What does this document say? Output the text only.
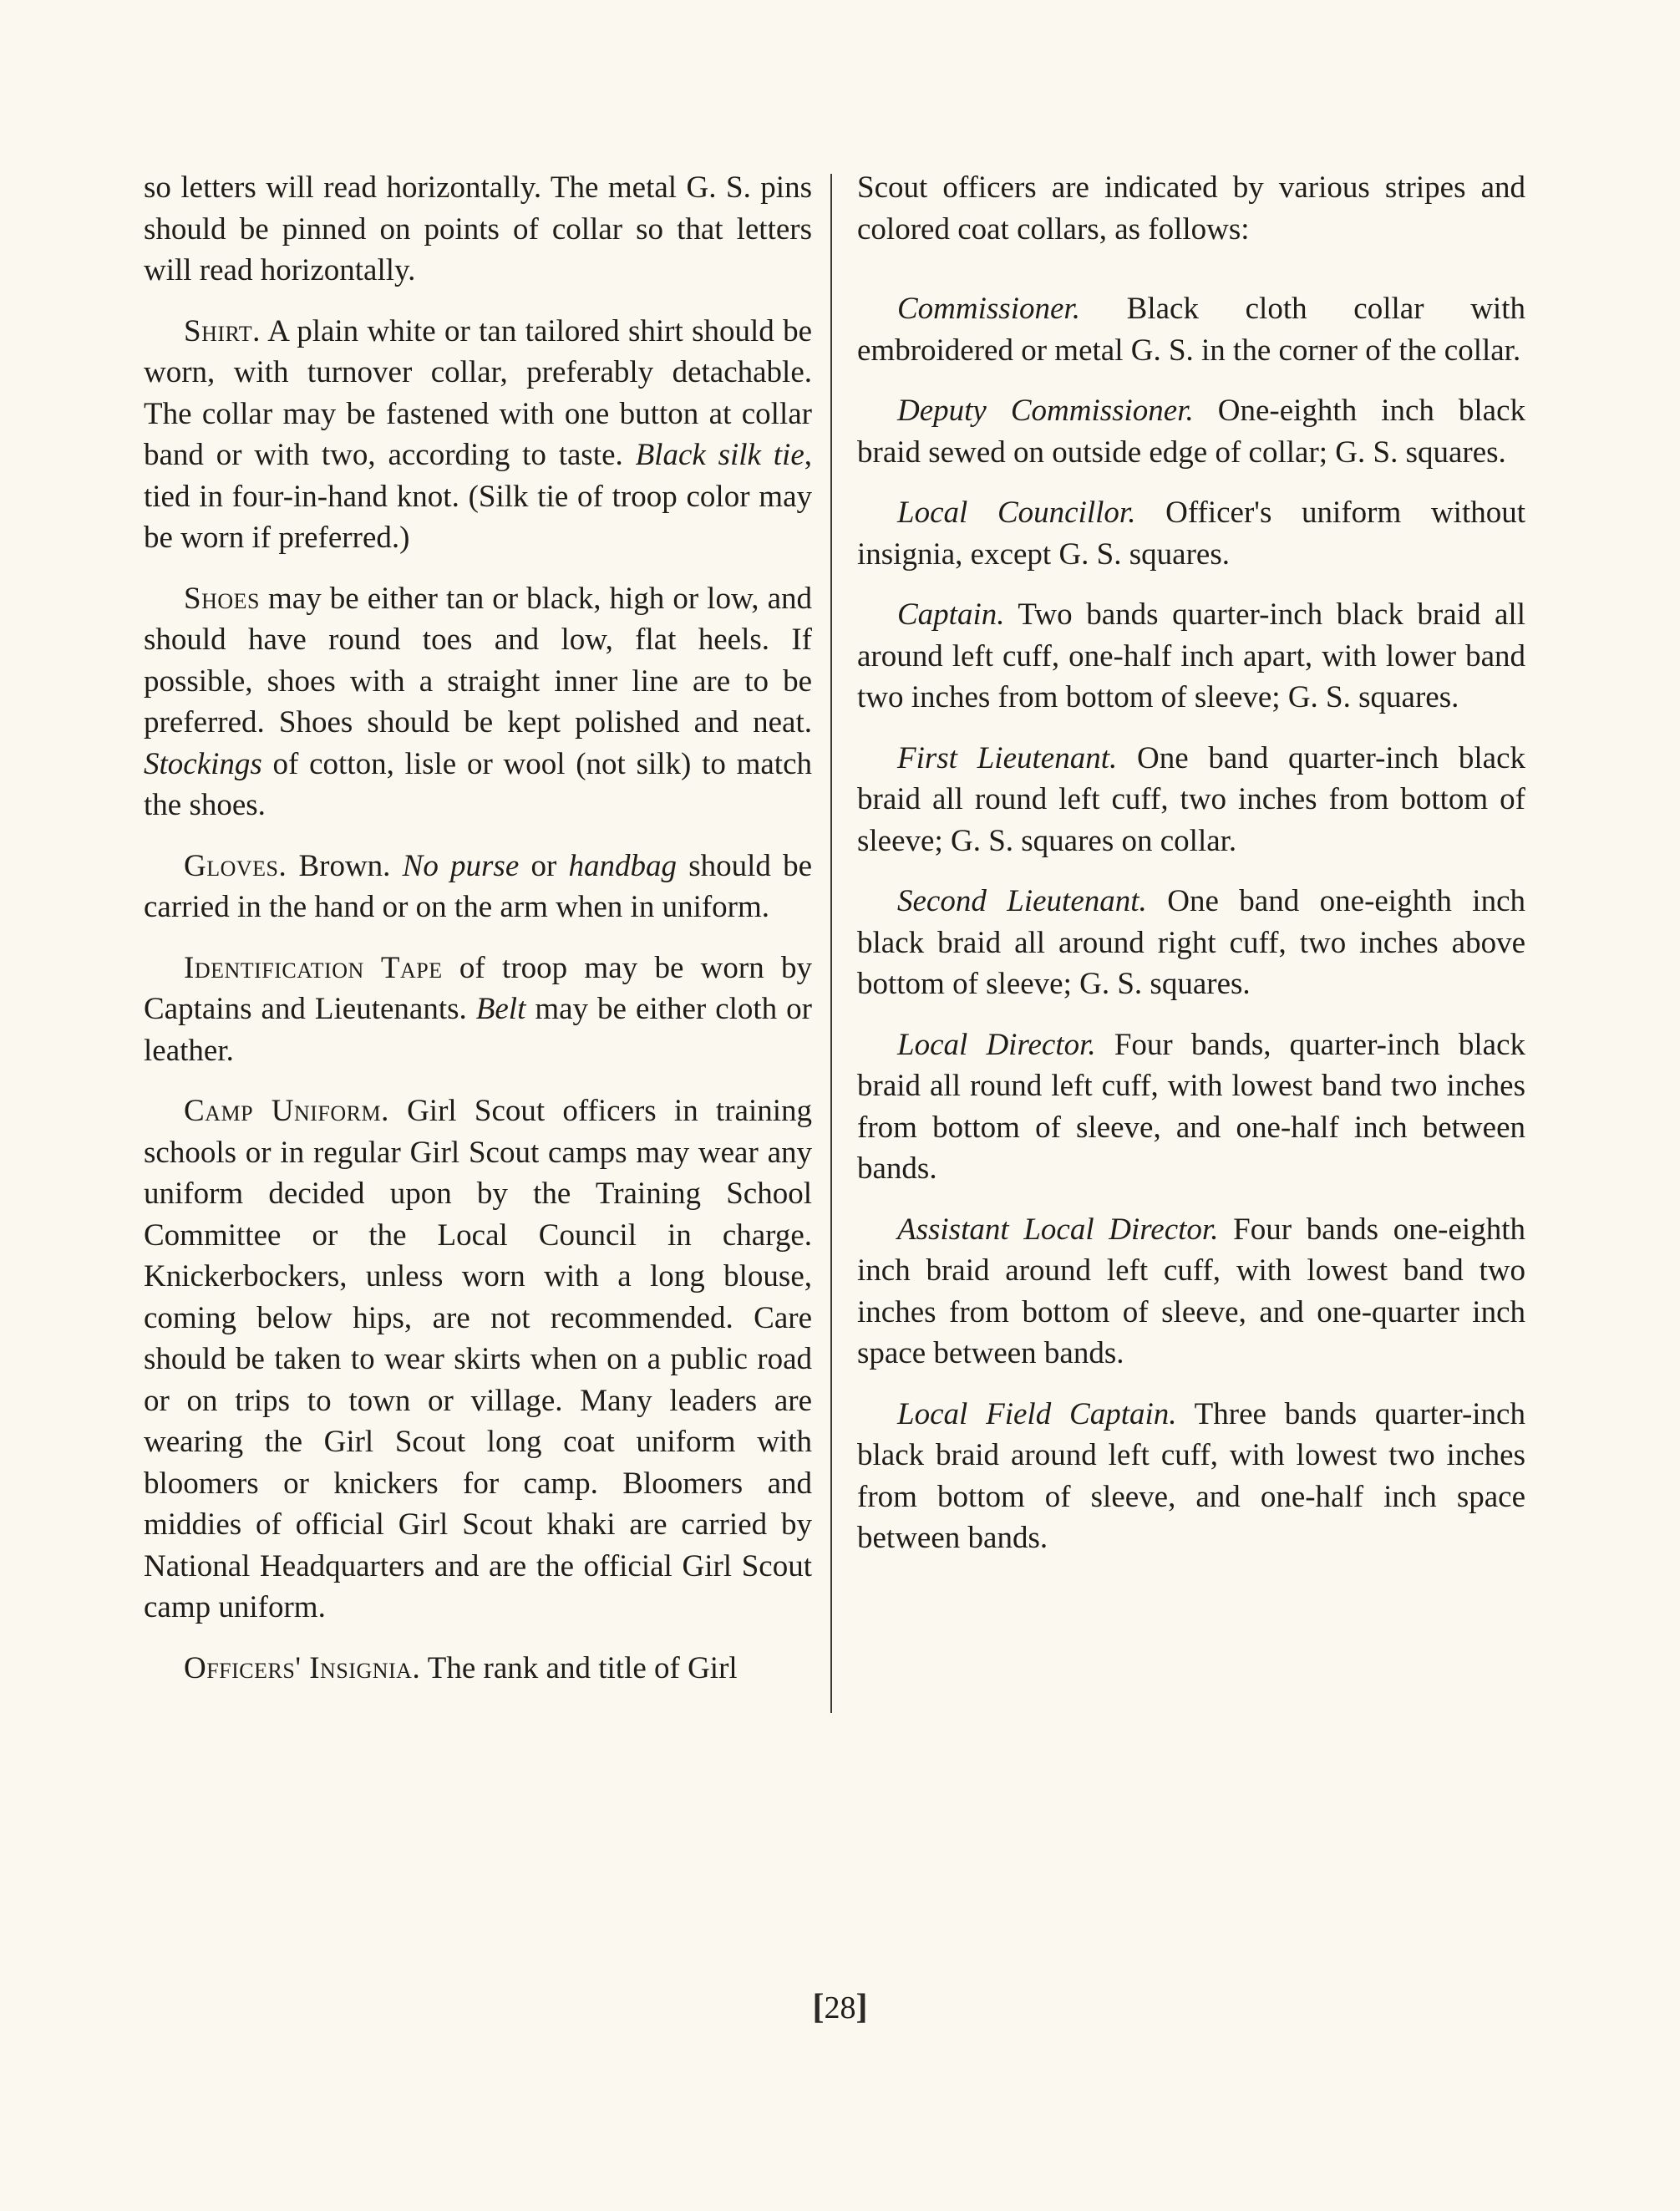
so letters will read horizontally. The metal G. S. pins should be pinned on points of collar so that letters will read horizontally.

Shirt. A plain white or tan tailored shirt should be worn, with turnover collar, preferably detachable. The collar may be fastened with one button at collar band or with two, according to taste. Black silk tie, tied in four-in-hand knot. (Silk tie of troop color may be worn if preferred.)

Shoes may be either tan or black, high or low, and should have round toes and low, flat heels. If possible, shoes with a straight inner line are to be preferred. Shoes should be kept polished and neat. Stockings of cotton, lisle or wool (not silk) to match the shoes.

Gloves. Brown. No purse or handbag should be carried in the hand or on the arm when in uniform.

Identification Tape of troop may be worn by Captains and Lieutenants. Belt may be either cloth or leather.

Camp Uniform. Girl Scout officers in training schools or in regular Girl Scout camps may wear any uniform decided upon by the Training School Committee or the Local Council in charge. Knickerbockers, unless worn with a long blouse, coming below hips, are not recommended. Care should be taken to wear skirts when on a public road or on trips to town or village. Many leaders are wearing the Girl Scout long coat uniform with bloomers or knickers for camp. Bloomers and middies of official Girl Scout khaki are carried by National Headquarters and are the official Girl Scout camp uniform.

Officers' Insignia. The rank and title of Girl

Scout officers are indicated by various stripes and colored coat collars, as follows:

Commissioner. Black cloth collar with embroidered or metal G. S. in the corner of the collar.

Deputy Commissioner. One-eighth inch black braid sewed on outside edge of collar; G. S. squares.

Local Councillor. Officer's uniform without insignia, except G. S. squares.

Captain. Two bands quarter-inch black braid all around left cuff, one-half inch apart, with lower band two inches from bottom of sleeve; G. S. squares.

First Lieutenant. One band quarter-inch black braid all round left cuff, two inches from bottom of sleeve; G. S. squares on collar.

Second Lieutenant. One band one-eighth inch black braid all around right cuff, two inches above bottom of sleeve; G. S. squares.

Local Director. Four bands, quarter-inch black braid all round left cuff, with lowest band two inches from bottom of sleeve, and one-half inch between bands.

Assistant Local Director. Four bands one-eighth inch braid around left cuff, with lowest band two inches from bottom of sleeve, and one-quarter inch space between bands.

Local Field Captain. Three bands quarter-inch black braid around left cuff, with lowest two inches from bottom of sleeve, and one-half inch space between bands.

[28]
